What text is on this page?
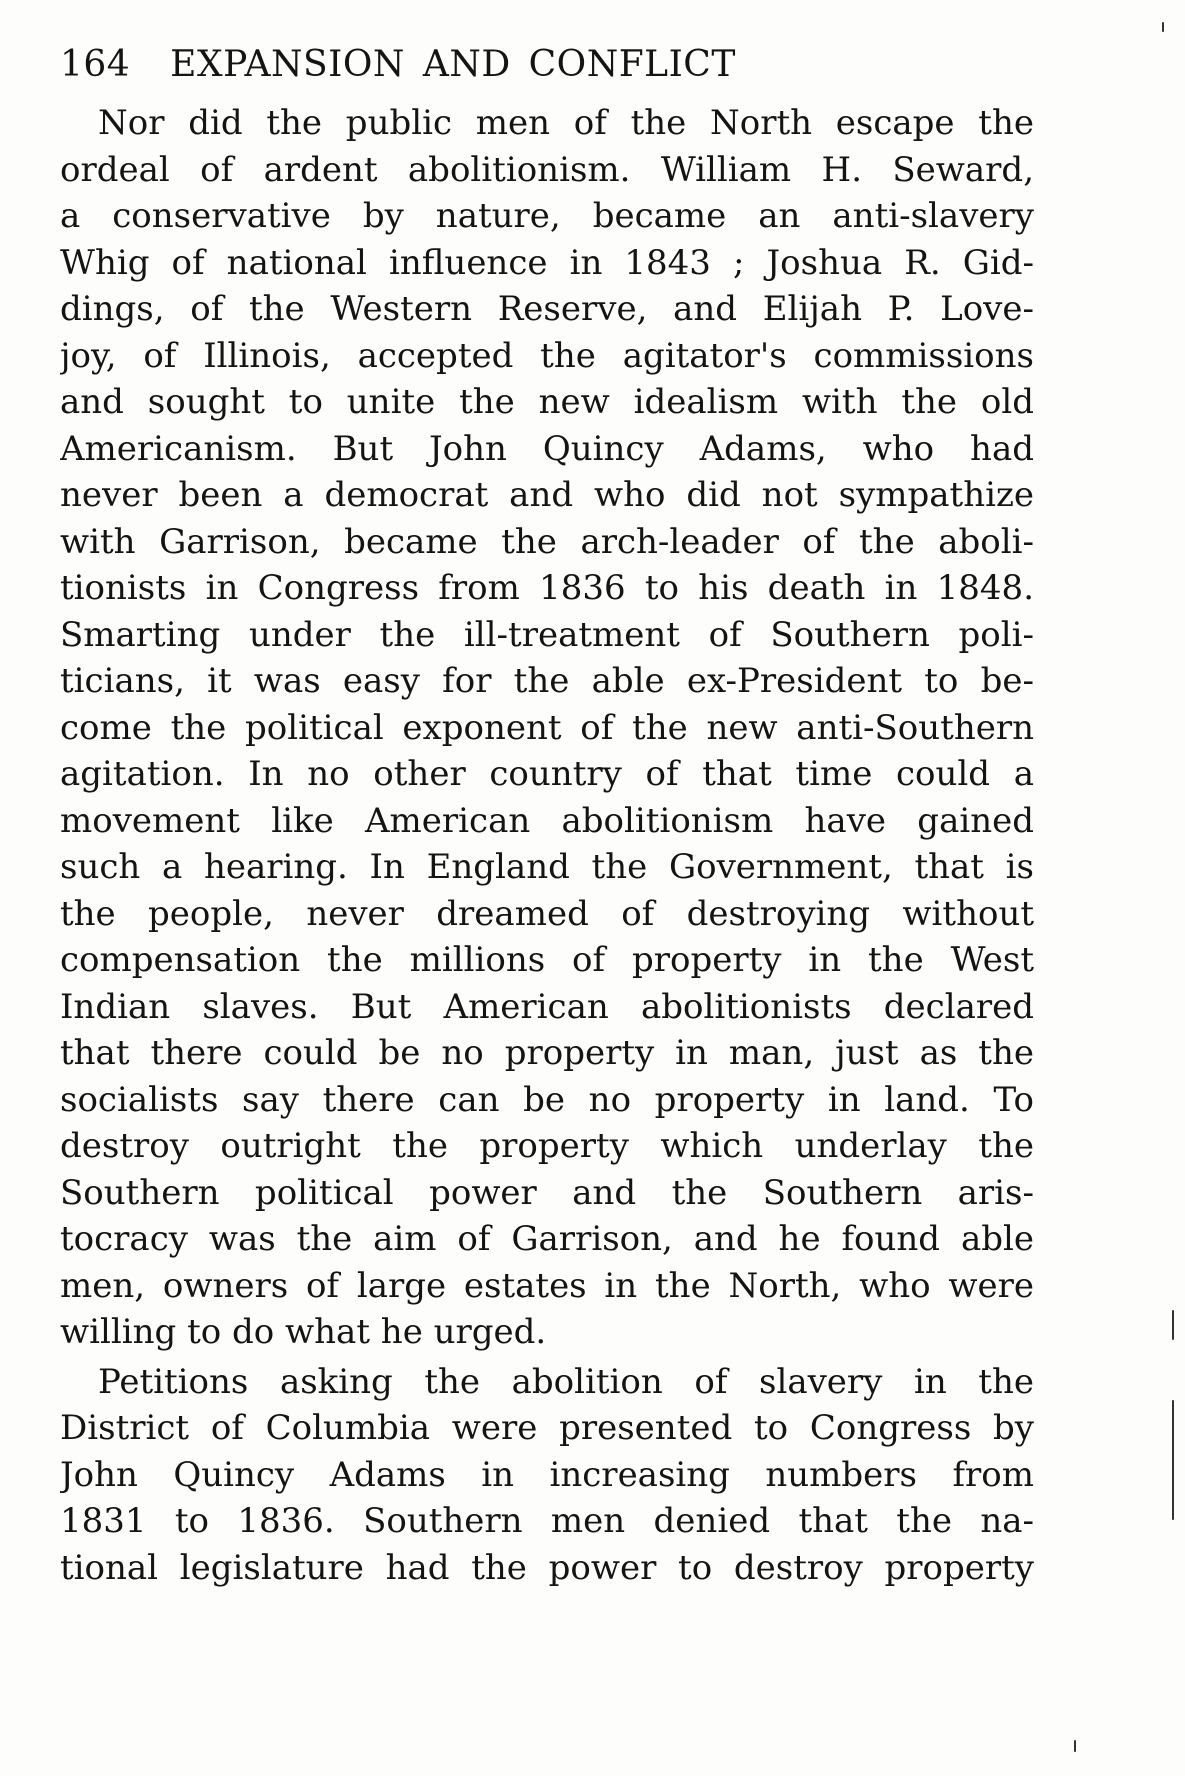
164 EXPANSION AND CONFLICT
Nor did the public men of the North escape the
ordeal of ardent abolitionism. William H. Seward,
a conservative by nature, became an anti-slavery
Whig of national influence in 1843 ; Joshua R. Gid-
dings, of the Western Reserve, and Elijah P. Love-
joy, of Illinois, accepted the agitator's commissions
and sought to unite the new idealism with the old
Americanism. But John Quincy Adams, who had
never been a democrat and who did not sympathize
with Garrison, became the arch-leader of the aboli-
tionists in Congress from 1836 to his death in 1848.
Smarting under the ill-treatment of Southern poli-
ticians, it was easy for the able ex-President to be-
come the political exponent of the new anti-Southern
agitation. In no other country of that time could a
movement like American abolitionism have gained
such a hearing. In England the Government, that is
the people, never dreamed of destroying without
compensation the millions of property in the West
Indian slaves. But American abolitionists declared
that there could be no property in man, just as the
socialists say there can be no property in land. To
destroy outright the property which underlay the
Southern political power and the Southern aris-
tocracy was the aim of Garrison, and he found able
men, owners of large estates in the North, who were
willing to do what he urged.
Petitions asking the abolition of slavery in the
District of Columbia were presented to Congress by
John Quincy Adams in increasing numbers from
1831 to 1836. Southern men denied that the na-
tional legislature had the power to destroy property
